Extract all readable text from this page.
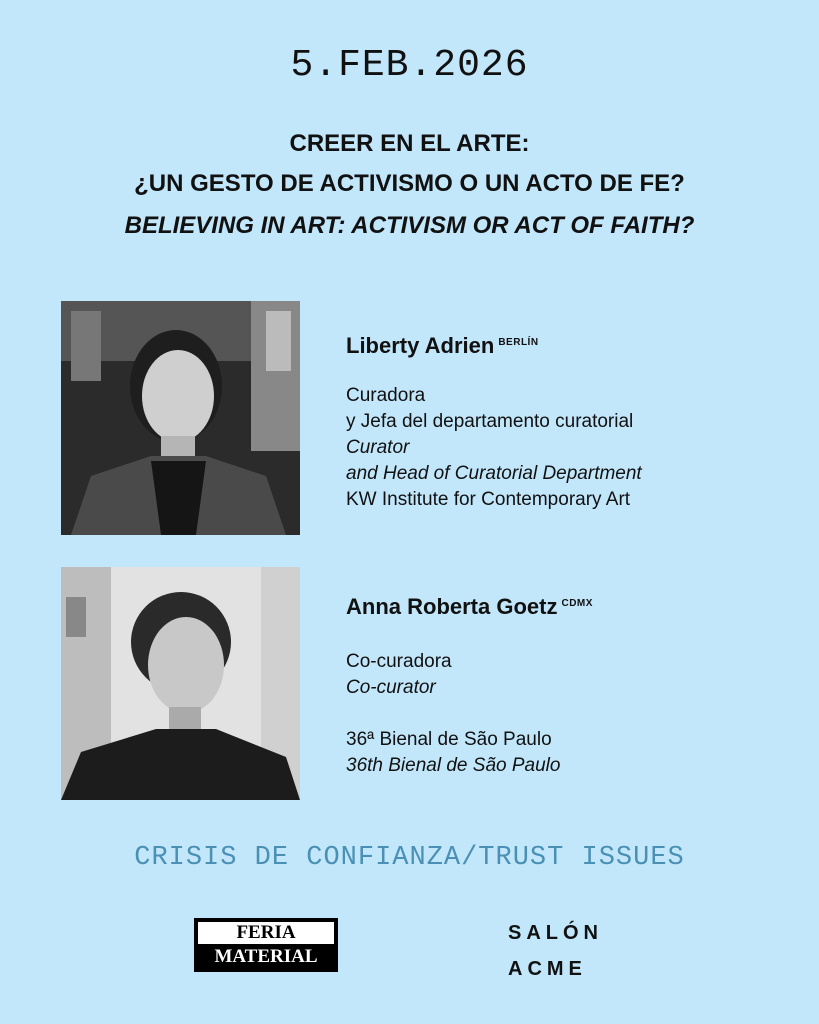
5.FEB.2026
CREER EN EL ARTE:
¿UN GESTO DE ACTIVISMO O UN ACTO DE FE?
BELIEVING IN ART: ACTIVISM OR ACT OF FAITH?
Liberty Adrien $^{BERLÍN}$
Curadora
y Jefa del departamento curatorial
Curator
and Head of Curatorial Department
KW Institute for Contemporary Art
Anna Roberta Goetz $^{CDMX}$
Co-curadora
Co-curator
36ª Bienal de São Paulo
36th Bienal de São Paulo
CRISIS DE CONFIANZA/TRUST ISSUES
FERIA
MATERIAL
SALÓN
ACME
